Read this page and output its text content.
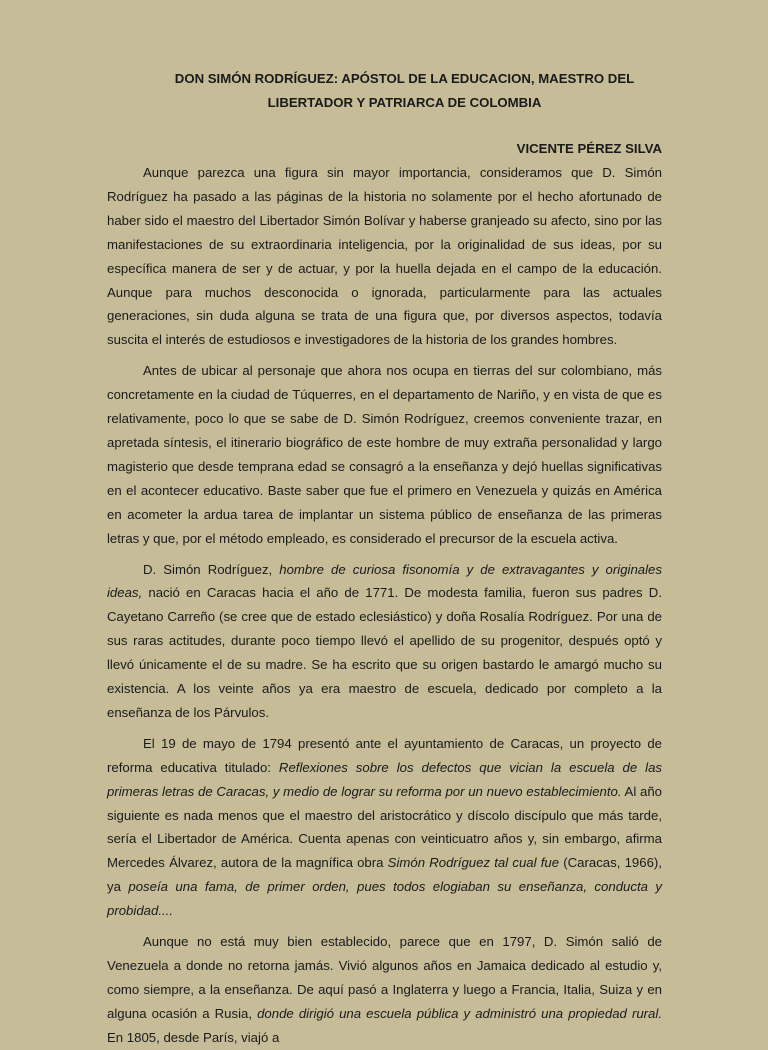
DON SIMÓN RODRÍGUEZ: APÓSTOL DE LA EDUCACION, MAESTRO DEL
LIBERTADOR Y PATRIARCA DE COLOMBIA
VICENTE PÉREZ SILVA

Aunque parezca una figura sin mayor importancia, consideramos que D. Simón Rodríguez ha pasado a las páginas de la historia no solamente por el hecho afortunado de haber sido el maestro del Libertador Simón Bolívar y haberse granjeado su afecto, sino por las manifestaciones de su extraordinaria inteligencia, por la originalidad de sus ideas, por su específica manera de ser y de actuar, y por la huella dejada en el campo de la educación. Aunque para muchos desconocida o ignorada, particularmente para las actuales generaciones, sin duda alguna se trata de una figura que, por diversos aspectos, todavía suscita el interés de estudiosos e investigadores de la historia de los grandes hombres.

Antes de ubicar al personaje que ahora nos ocupa en tierras del sur colombiano, más concretamente en la ciudad de Túquerres, en el departamento de Nariño, y en vista de que es relativamente, poco lo que se sabe de D. Simón Rodríguez, creemos conveniente trazar, en apretada síntesis, el itinerario biográfico de este hombre de muy extraña personalidad y largo magisterio que desde temprana edad se consagró a la enseñanza y dejó huellas significativas en el acontecer educativo. Baste saber que fue el primero en Venezuela y quizás en América en acometer la ardua tarea de implantar un sistema público de enseñanza de las primeras letras y que, por el método empleado, es considerado el precursor de la escuela activa.

D. Simón Rodríguez, hombre de curiosa fisonomía y de extravagantes y originales ideas, nació en Caracas hacia el año de 1771. De modesta familia, fueron sus padres D. Cayetano Carreño (se cree que de estado eclesiástico) y doña Rosalía Rodríguez. Por una de sus raras actitudes, durante poco tiempo llevó el apellido de su progenitor, después optó y llevó únicamente el de su madre. Se ha escrito que su origen bastardo le amargó mucho su existencia. A los veinte años ya era maestro de escuela, dedicado por completo a la enseñanza de los Párvulos.

El 19 de mayo de 1794 presentó ante el ayuntamiento de Caracas, un proyecto de reforma educativa titulado: Reflexiones sobre los defectos que vician la escuela de las primeras letras de Caracas, y medio de lograr su reforma por un nuevo establecimiento. Al año siguiente es nada menos que el maestro del aristocrático y díscolo discípulo que más tarde, sería el Libertador de América. Cuenta apenas con veinticuatro años y, sin embargo, afirma Mercedes Álvarez, autora de la magnífica obra Simón Rodríguez tal cual fue (Caracas, 1966), ya poseía una fama, de primer orden, pues todos elogiaban su enseñanza, conducta y probidad....

Aunque no está muy bien establecido, parece que en 1797, D. Simón salió de Venezuela a donde no retorna jamás. Vivió algunos años en Jamaica dedicado al estudio y, como siempre, a la enseñanza. De aquí pasó a Inglaterra y luego a Francia, Italia, Suiza y en alguna ocasión a Rusia, donde dirigió una escuela pública y administró una propiedad rural. En 1805, desde París, viajó a
